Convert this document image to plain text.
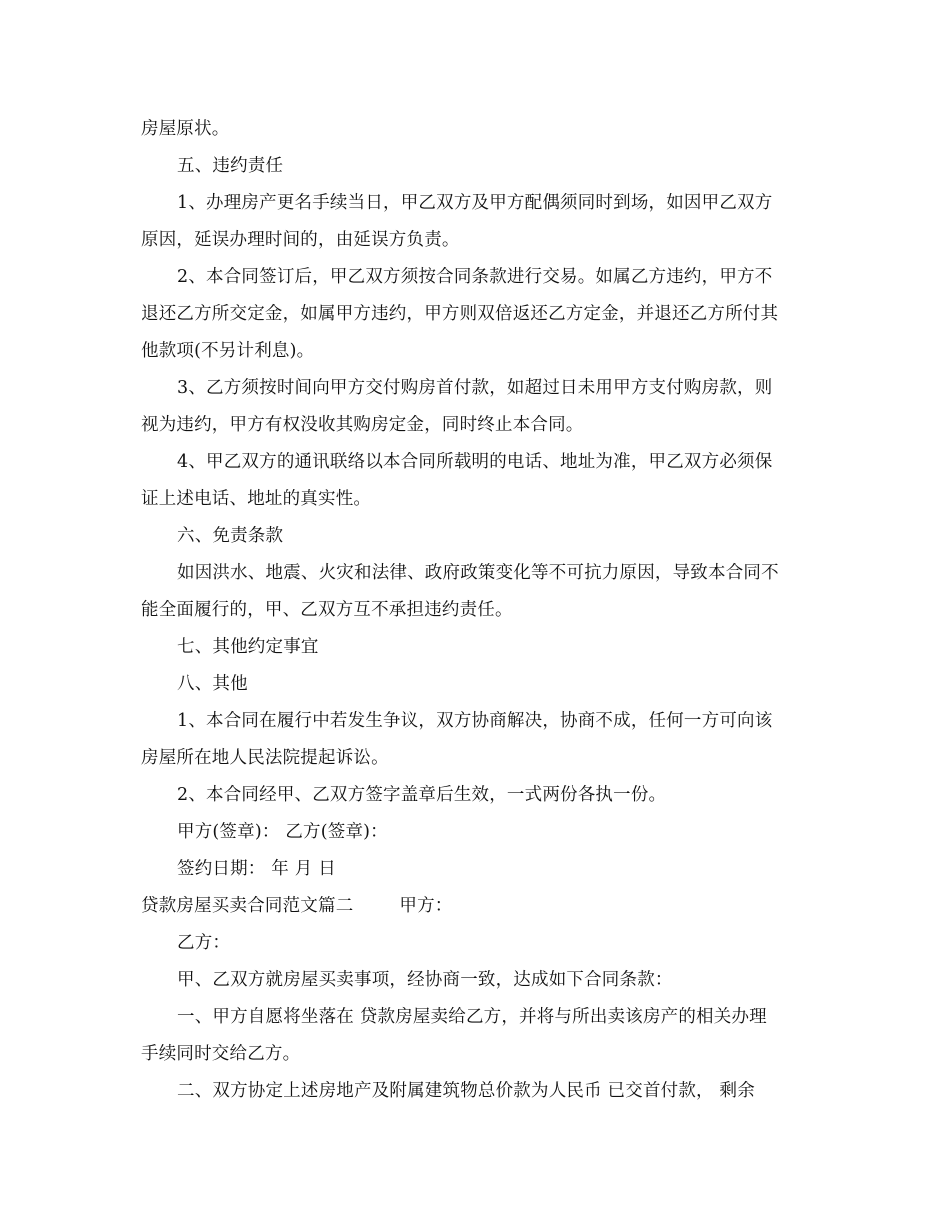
房屋原状。
五、违约责任
1、办理房产更名手续当日，甲乙双方及甲方配偶须同时到场，如因甲乙双方
原因，延误办理时间的，由延误方负责。
2、本合同签订后，甲乙双方须按合同条款进行交易。如属乙方违约，甲方不
退还乙方所交定金，如属甲方违约，甲方则双倍返还乙方定金，并退还乙方所付其
他款项(不另计利息)。
3、乙方须按时间向甲方交付购房首付款，如超过日未用甲方支付购房款，则
视为违约，甲方有权没收其购房定金，同时终止本合同。
4、甲乙双方的通讯联络以本合同所载明的电话、地址为准，甲乙双方必须保
证上述电话、地址的真实性。
六、免责条款
如因洪水、地震、火灾和法律、政府政策变化等不可抗力原因，导致本合同不
能全面履行的，甲、乙双方互不承担违约责任。
七、其他约定事宜
八、其他
1、本合同在履行中若发生争议，双方协商解决，协商不成，任何一方可向该
房屋所在地人民法院提起诉讼。
2、本合同经甲、乙双方签字盖章后生效，一式两份各执一份。
甲方(签章)： 乙方(签章)：
签约日期： 年 月 日
贷款房屋买卖合同范文篇二	甲方：
乙方：
甲、乙双方就房屋买卖事项，经协商一致，达成如下合同条款：
一、甲方自愿将坐落在 贷款房屋卖给乙方，并将与所出卖该房产的相关办理
手续同时交给乙方。
二、双方协定上述房地产及附属建筑物总价款为人民币 已交首付款， 剩余
